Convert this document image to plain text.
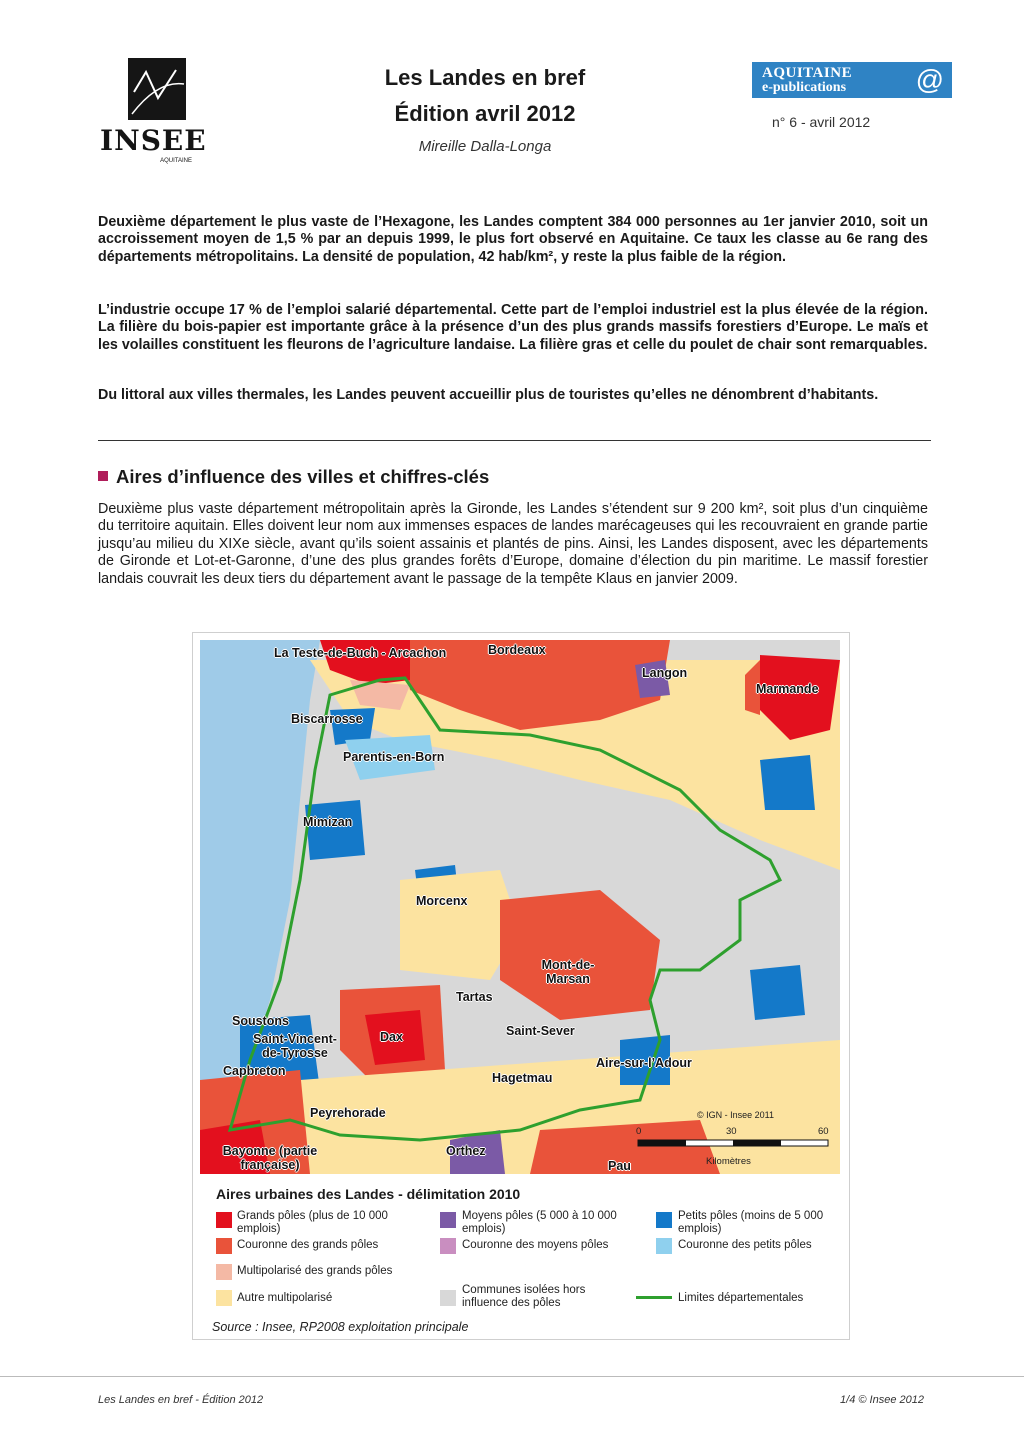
INSEE
AQUITAINE
Les Landes en bref
Édition avril 2012
Mireille Dalla-Longa
AQUITAINE
e-publications @
n° 6 - avril 2012
Deuxième département le plus vaste de l’Hexagone, les Landes comptent 384 000 personnes au 1er janvier 2010, soit un accroissement moyen de 1,5 % par an depuis 1999, le plus fort observé en Aquitaine. Ce taux les classe au 6e rang des départements métropolitains. La densité de population, 42 hab/km², y reste la plus faible de la région.
L’industrie occupe 17 % de l’emploi salarié départemental. Cette part de l’emploi industriel est la plus élevée de la région. La filière du bois-papier est importante grâce à la présence d’un des plus grands massifs forestiers d’Europe. Le maïs et les volailles constituent les fleurons de l’agriculture landaise. La filière gras et celle du poulet de chair sont remarquables.
Du littoral aux villes thermales, les Landes peuvent accueillir plus de touristes qu’elles ne dénombrent d’habitants.
Aires d’influence des villes et chiffres-clés
Deuxième plus vaste département métropolitain après la Gironde, les Landes s’étendent sur 9 200 km², soit plus d’un cinquième du territoire aquitain. Elles doivent leur nom aux immenses espaces de landes marécageuses qui les recouvraient en grande partie jusqu’au milieu du XIXe siècle, avant qu’ils soient assainis et plantés de pins. Ainsi, les Landes disposent, avec les départements de Gironde et Lot-et-Garonne, d’une des plus grandes forêts d’Europe, domaine d’élection du pin maritime. Le massif forestier landais couvrait les deux tiers du département avant le passage de la tempête Klaus en janvier 2009.
La Teste-de-Buch - Arcachon	Bordeaux
Langon
Marmande
Biscarrosse
Parentis-en-Born
Mimizan
Morcenx
Mont-de-Marsan
Tartas
Soustons
Saint-Vincent-de-Tyrosse
Dax	Saint-Sever
Capbreton
Aire-sur-l’Adour
Hagetmau
Peyrehorade
Bayonne (partie française)
Orthez
Pau
© IGN - Insee 2011
0	30	60
Kilomètres
Aires urbaines des Landes - délimitation 2010
Grands pôles (plus de 10 000 emplois)
Couronne des grands pôles
Moyens pôles (5 000 à 10 000 emplois)
Couronne des moyens pôles
Petits pôles (moins de 5 000 emplois)
Couronne des petits pôles
Multipolarisé des grands pôles
Autre multipolarisé
Communes isolées hors influence des pôles	Limites départementales
Source : Insee, RP2008 exploitation principale
Les Landes en bref - Édition 2012	1/4 © Insee 2012
